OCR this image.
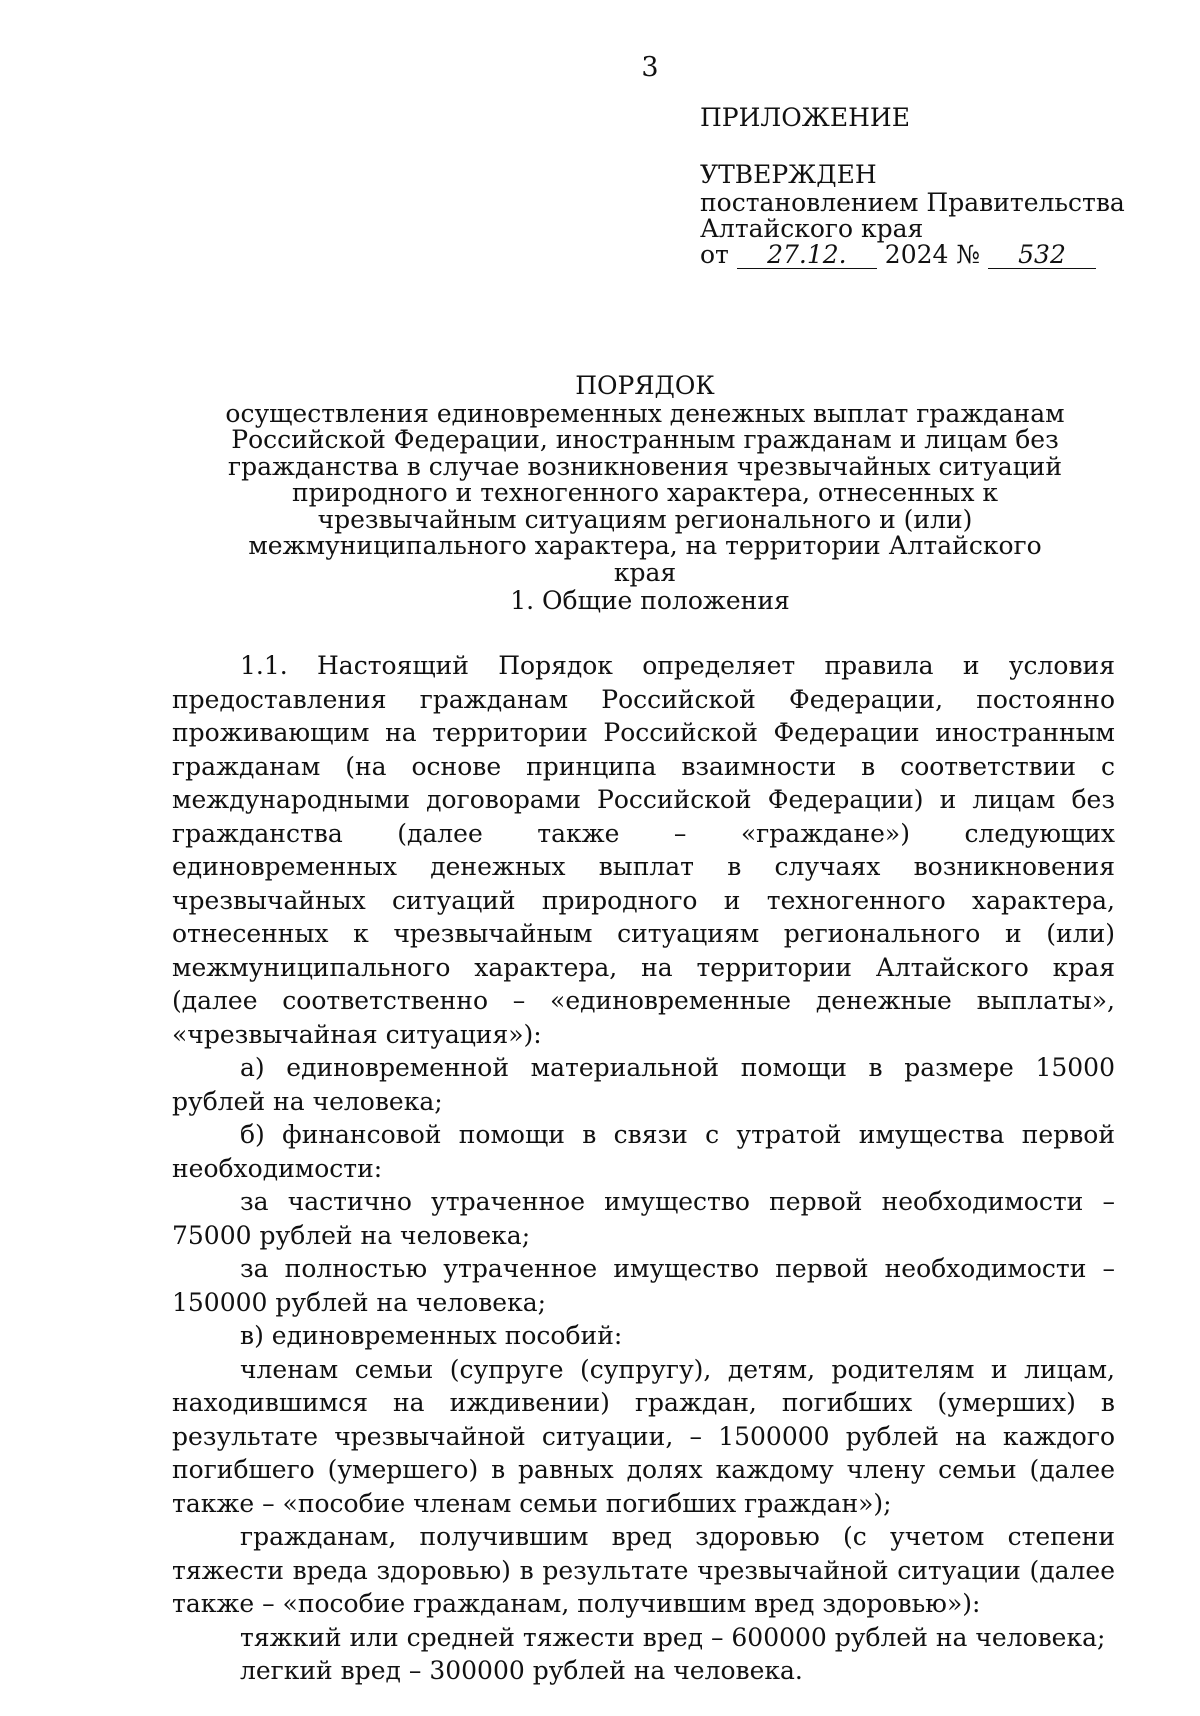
3
ПРИЛОЖЕНИЕ
УТВЕРЖДЕН
постановлением Правительства
Алтайского края
от 27.12. 2024 № 532
ПОРЯДОК
осуществления единовременных денежных выплат гражданам Российской Федерации, иностранным гражданам и лицам без гражданства в случае возникновения чрезвычайных ситуаций природного и техногенного характера, отнесенных к чрезвычайным ситуациям регионального и (или) межмуниципального характера, на территории Алтайского края
1. Общие положения

1.1. Настоящий Порядок определяет правила и условия предоставления гражданам Российской Федерации, постоянно проживающим на территории Российской Федерации иностранным гражданам (на основе принципа взаимности в соответствии с международными договорами Российской Федерации) и лицам без гражданства (далее также – «граждане») следующих единовременных денежных выплат в случаях возникновения чрезвычайных ситуаций природного и техногенного характера, отнесенных к чрезвычайным ситуациям регионального и (или) межмуниципального характера, на территории Алтайского края (далее соответственно – «единовременные денежные выплаты», «чрезвычайная ситуация»):

а) единовременной материальной помощи в размере 15000 рублей на человека;

б) финансовой помощи в связи с утратой имущества первой необходимости:

за частично утраченное имущество первой необходимости – 75000 рублей на человека;

за полностью утраченное имущество первой необходимости – 150000 рублей на человека;

в) единовременных пособий:

членам семьи (супруге (супругу), детям, родителям и лицам, находившимся на иждивении) граждан, погибших (умерших) в результате чрезвычайной ситуации, – 1500000 рублей на каждого погибшего (умершего) в равных долях каждому члену семьи (далее также – «пособие членам семьи погибших граждан»);

гражданам, получившим вред здоровью (с учетом степени тяжести вреда здоровью) в результате чрезвычайной ситуации (далее также – «пособие гражданам, получившим вред здоровью»):

тяжкий или средней тяжести вред – 600000 рублей на человека;

легкий вред – 300000 рублей на человека.
